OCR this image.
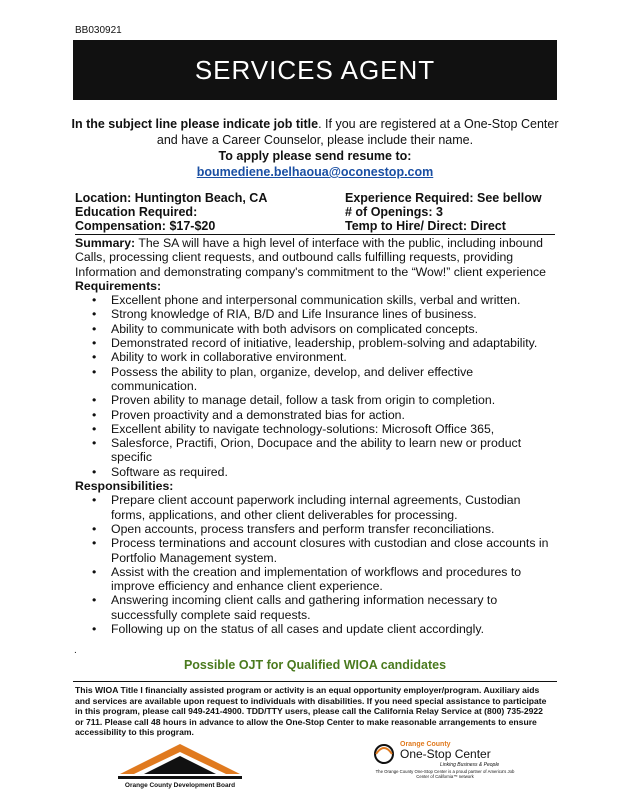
BB030921
SERVICES AGENT
In the subject line please indicate job title. If you are registered at a One-Stop Center
and have a Career Counselor, please include their name.
To apply please send resume to:
boumediene.belhaoua@oconestop.com
Location: Huntington Beach, CA	Experience Required: See bellow
Education Required:	# of Openings: 3
Compensation: $17-$20	Temp to Hire/ Direct: Direct
Summary: The SA will have a high level of interface with the public, including inbound Calls, processing client requests, and outbound calls fulfilling requests, providing Information and demonstrating company's commitment to the “Wow!” client experience
Requirements:
• Excellent phone and interpersonal communication skills, verbal and written.
• Strong knowledge of RIA, B/D and Life Insurance lines of business.
• Ability to communicate with both advisors on complicated concepts.
• Demonstrated record of initiative, leadership, problem-solving and adaptability.
• Ability to work in collaborative environment.
• Possess the ability to plan, organize, develop, and deliver effective communication.
• Proven ability to manage detail, follow a task from origin to completion.
• Proven proactivity and a demonstrated bias for action.
• Excellent ability to navigate technology-solutions: Microsoft Office 365,
• Salesforce, Practifi, Orion, Docupace and the ability to learn new or product specific
• Software as required.
Responsibilities:
• Prepare client account paperwork including internal agreements, Custodian forms, applications, and other client deliverables for processing.
• Open accounts, process transfers and perform transfer reconciliations.
• Process terminations and account closures with custodian and close accounts in Portfolio Management system.
• Assist with the creation and implementation of workflows and procedures to improve efficiency and enhance client experience.
• Answering incoming client calls and gathering information necessary to successfully complete said requests.
• Following up on the status of all cases and update client accordingly.
.
Possible OJT for Qualified WIOA candidates
This WIOA Title I financially assisted program or activity is an equal opportunity employer/program. Auxiliary aids and services are available upon request to individuals with disabilities. If you need special assistance to participate in this program, please call 949-241-4900. TDD/TTY users, please call the California Relay Service at (800) 735-2922 or 711. Please call 48 hours in advance to allow the One-Stop Center to make reasonable arrangements to ensure accessibility to this program.
Orange County Development Board
Orange County
One-Stop Center
Linking Business & People
The Orange County One-Stop Center is a proud partner of America's Job Center of California™ network
